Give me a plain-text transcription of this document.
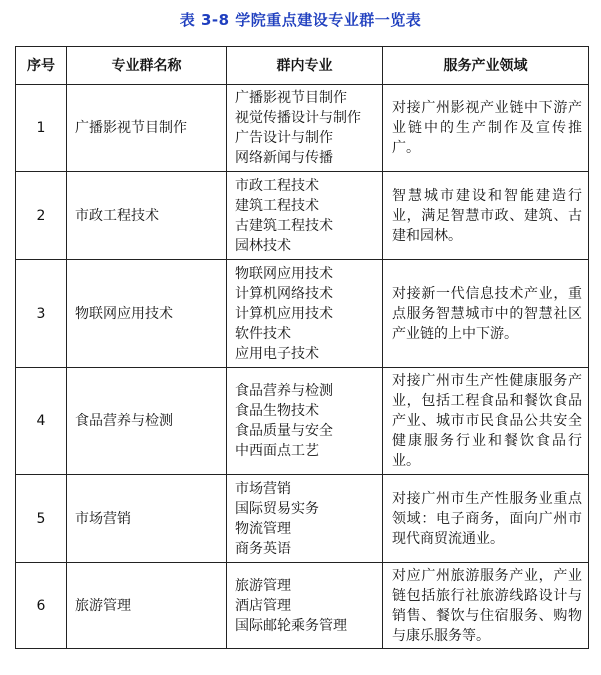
表 3-8 学院重点建设专业群一览表
序号	专业群名称	群内专业	服务产业领域
1	广播影视节目制作	广播影视节目制作
视觉传播设计与制作
广告设计与制作
网络新闻与传播	对接广州影视产业链中下游产业链中的生产制作及宣传推广。
2	市政工程技术	市政工程技术
建筑工程技术
古建筑工程技术
园林技术	智慧城市建设和智能建造行业，满足智慧市政、建筑、古建和园林。
3	物联网应用技术	物联网应用技术
计算机网络技术
计算机应用技术
软件技术
应用电子技术	对接新一代信息技术产业，重点服务智慧城市中的智慧社区产业链的上中下游。
4	食品营养与检测	食品营养与检测
食品生物技术
食品质量与安全
中西面点工艺	对接广州市生产性健康服务产业，包括工程食品和餐饮食品产业、城市市民食品公共安全健康服务行业和餐饮食品行业。
5	市场营销	市场营销
国际贸易实务
物流管理
商务英语	对接广州市生产性服务业重点领域：电子商务，面向广州市现代商贸流通业。
6	旅游管理	旅游管理
酒店管理
国际邮轮乘务管理	对应广州旅游服务产业，产业链包括旅行社旅游线路设计与销售、餐饮与住宿服务、购物与康乐服务等。
